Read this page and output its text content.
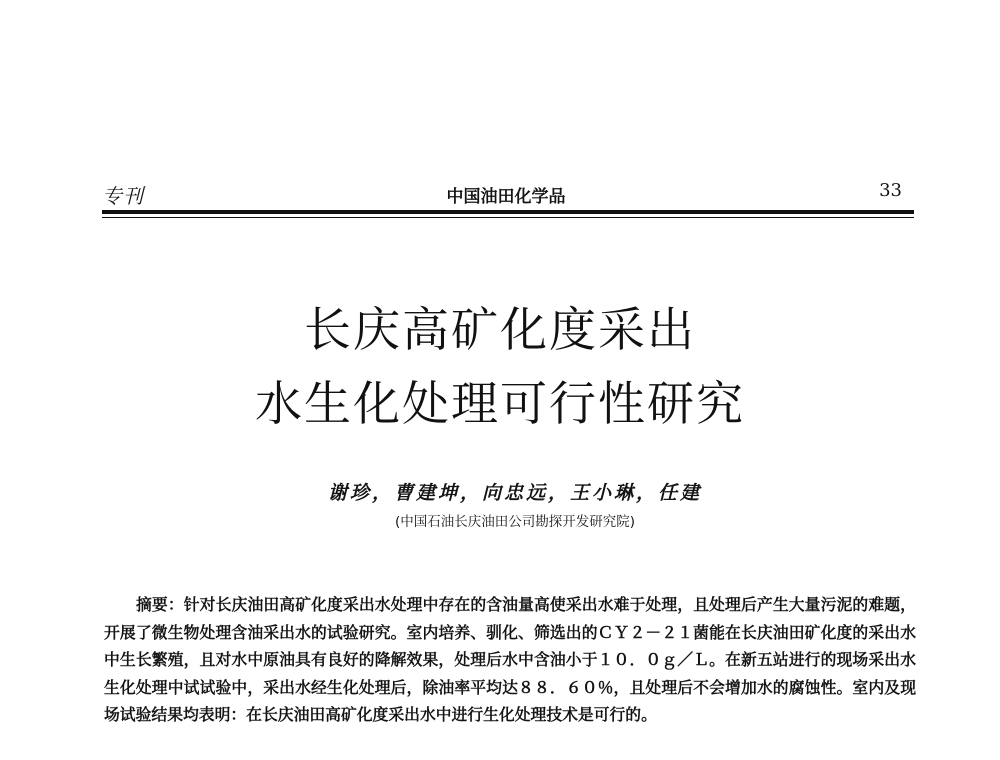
专刊	中国油田化学品	33
长庆高矿化度采出
水生化处理可行性研究
谢珍，曹建坤，向忠远，王小琳，任建
(中国石油长庆油田公司勘探开发研究院)

摘要：针对长庆油田高矿化度采出水处理中存在的含油量高使采出水难于处理，且处理后产生大量污泥的难题，开展了微生物处理含油采出水的试验研究。室内培养、驯化、筛选出的ＣＹ２－２１菌能在长庆油田矿化度的采出水中生长繁殖，且对水中原油具有良好的降解效果，处理后水中含油小于１０．０ｇ／Ｌ。在新五站进行的现场采出水生化处理中试试验中，采出水经生化处理后，除油率平均达８８．６０％，且处理后不会增加水的腐蚀性。室内及现场试验结果均表明：在长庆油田高矿化度采出水中进行生化处理技术是可行的。
